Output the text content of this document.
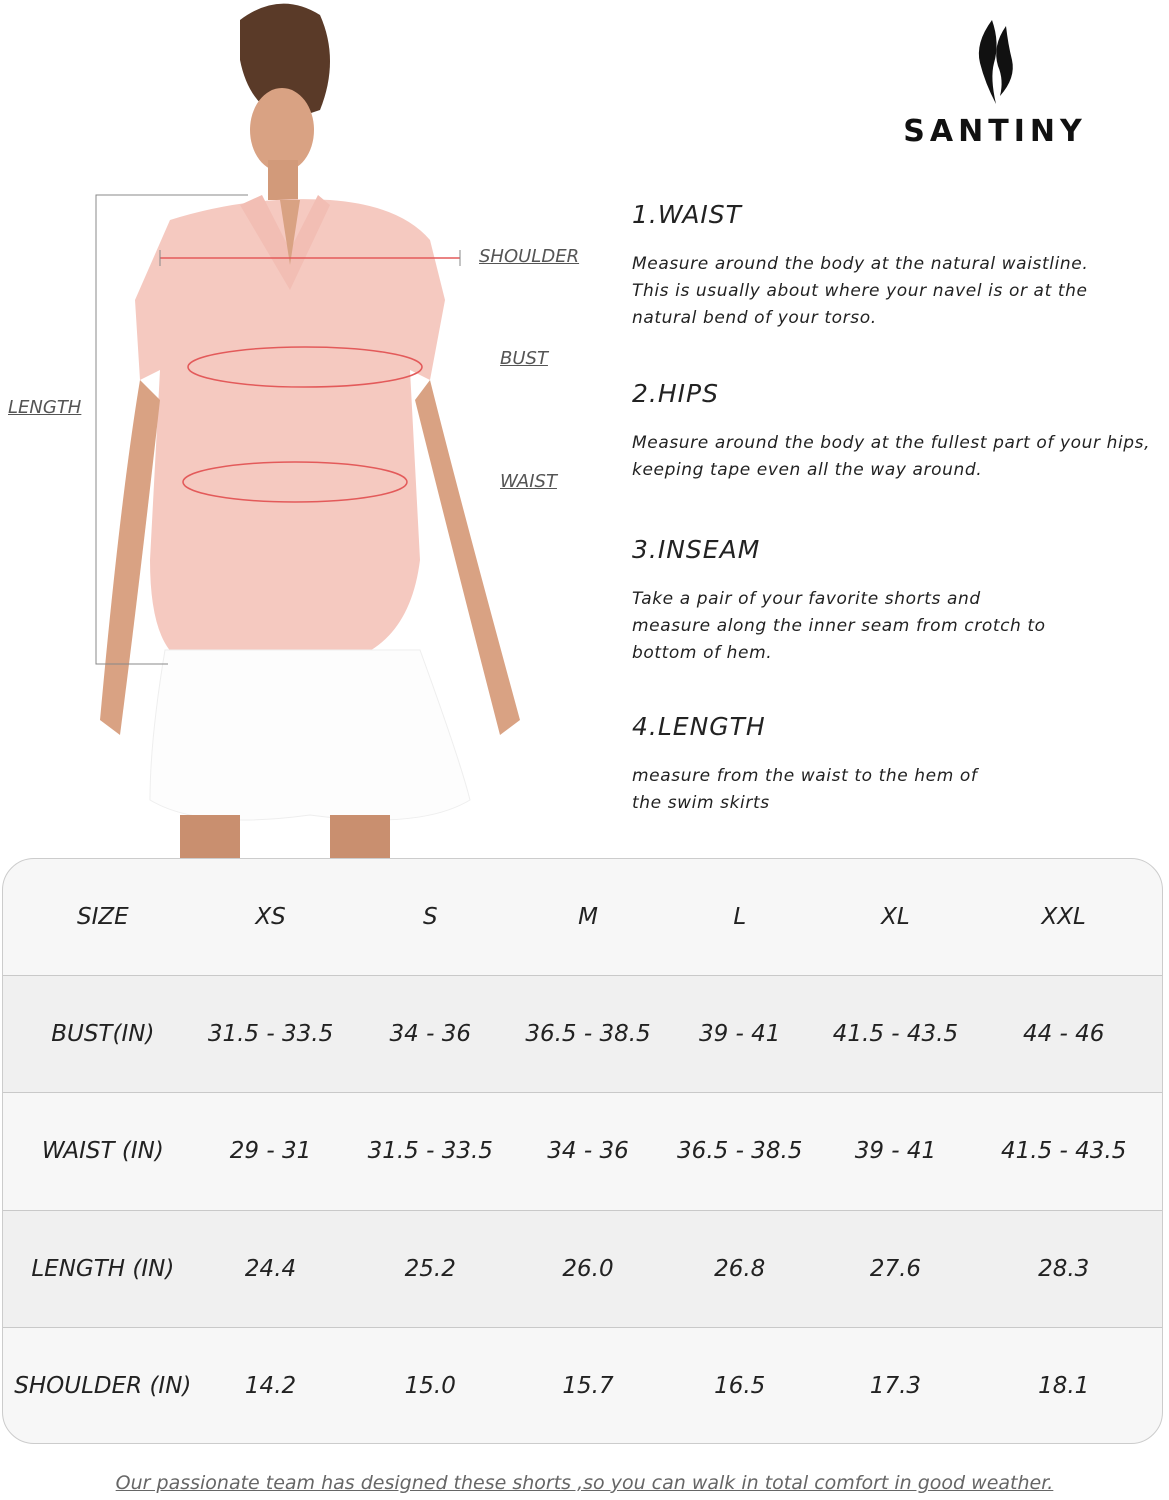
SHOULDER
BUST
WAIST
LENGTH
SANTINY
1.WAIST

Measure around the body at the natural waistline.
This is usually about where your navel is or at the
natural bend of your torso.

2.HIPS

Measure around the body at the fullest part of your hips,
keeping tape even all the way around.

3.INSEAM

Take a pair of your favorite shorts and
measure along the inner seam from crotch to
bottom of hem.

4.LENGTH

measure from the waist to the hem of
the swim skirts

SIZE	XS	S	M	L	XL	XXL
BUST(IN)	31.5 - 33.5	34 - 36	36.5 - 38.5	39 - 41	41.5 - 43.5	44 - 46
WAIST (IN)	29 - 31	31.5 - 33.5	34 - 36	36.5 - 38.5	39 - 41	41.5 - 43.5
LENGTH (IN)	24.4	25.2	26.0	26.8	27.6	28.3
SHOULDER (IN)	14.2	15.0	15.7	16.5	17.3	18.1
Our passionate team has designed these shorts ,so you can walk in total comfort in good weather.
